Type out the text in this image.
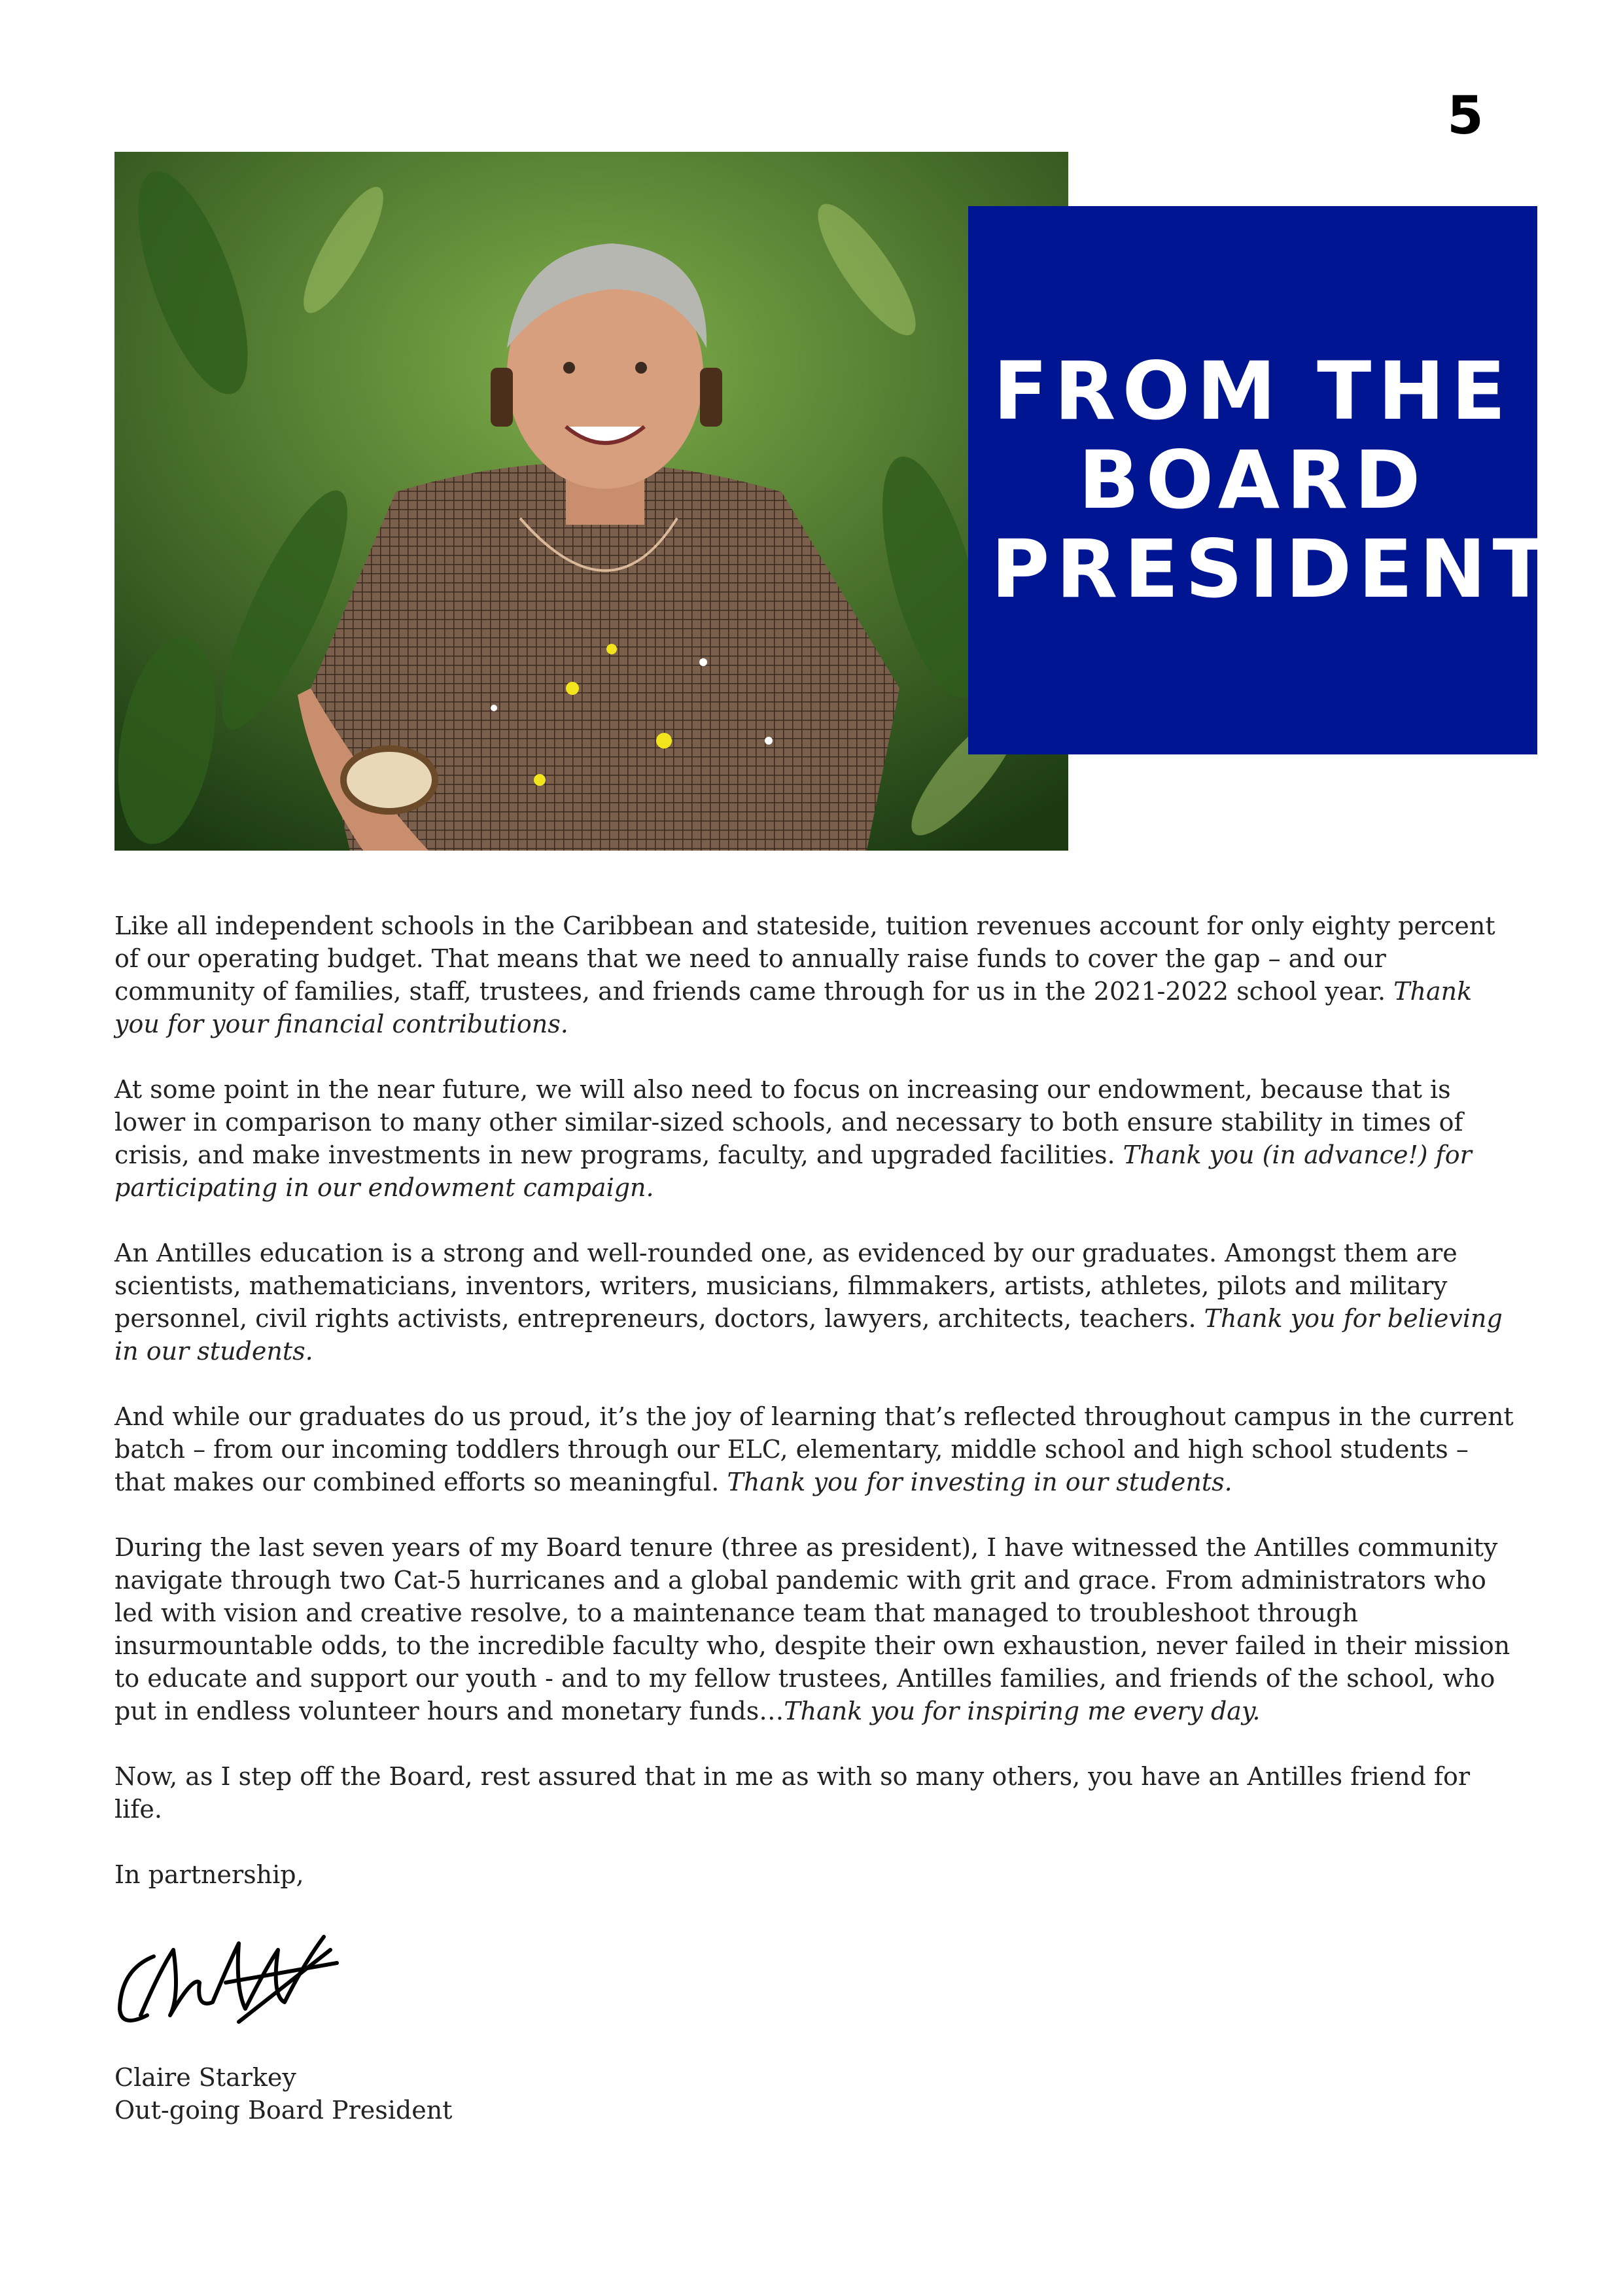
5
FROM THE
BOARD
PRESIDENT

Like all independent schools in the Caribbean and stateside, tuition revenues account for only eighty percent of our operating budget. That means that we need to annually raise funds to cover the gap – and our community of families, staff, trustees, and friends came through for us in the 2021-2022 school year. Thank you for your financial contributions.

At some point in the near future, we will also need to focus on increasing our endowment, because that is lower in comparison to many other similar-sized schools, and necessary to both ensure stability in times of crisis, and make investments in new programs, faculty, and upgraded facilities. Thank you (in advance!) for participating in our endowment campaign.

An Antilles education is a strong and well-rounded one, as evidenced by our graduates. Amongst them are scientists, mathematicians, inventors, writers, musicians, filmmakers, artists, athletes, pilots and military personnel, civil rights activists, entrepreneurs, doctors, lawyers, architects, teachers. Thank you for believing in our students.

And while our graduates do us proud, it’s the joy of learning that’s reflected throughout campus in the current batch – from our incoming toddlers through our ELC, elementary, middle school and high school students – that makes our combined efforts so meaningful. Thank you for investing in our students.

During the last seven years of my Board tenure (three as president), I have witnessed the Antilles community navigate through two Cat-5 hurricanes and a global pandemic with grit and grace. From administrators who led with vision and creative resolve, to a maintenance team that managed to troubleshoot through insurmountable odds, to the incredible faculty who, despite their own exhaustion, never failed in their mission to educate and support our youth - and to my fellow trustees, Antilles families, and friends of the school, who put in endless volunteer hours and monetary funds…Thank you for inspiring me every day.

Now, as I step off the Board, rest assured that in me as with so many others, you have an Antilles friend for life.

In partnership,

Claire Starkey
Out-going Board President
